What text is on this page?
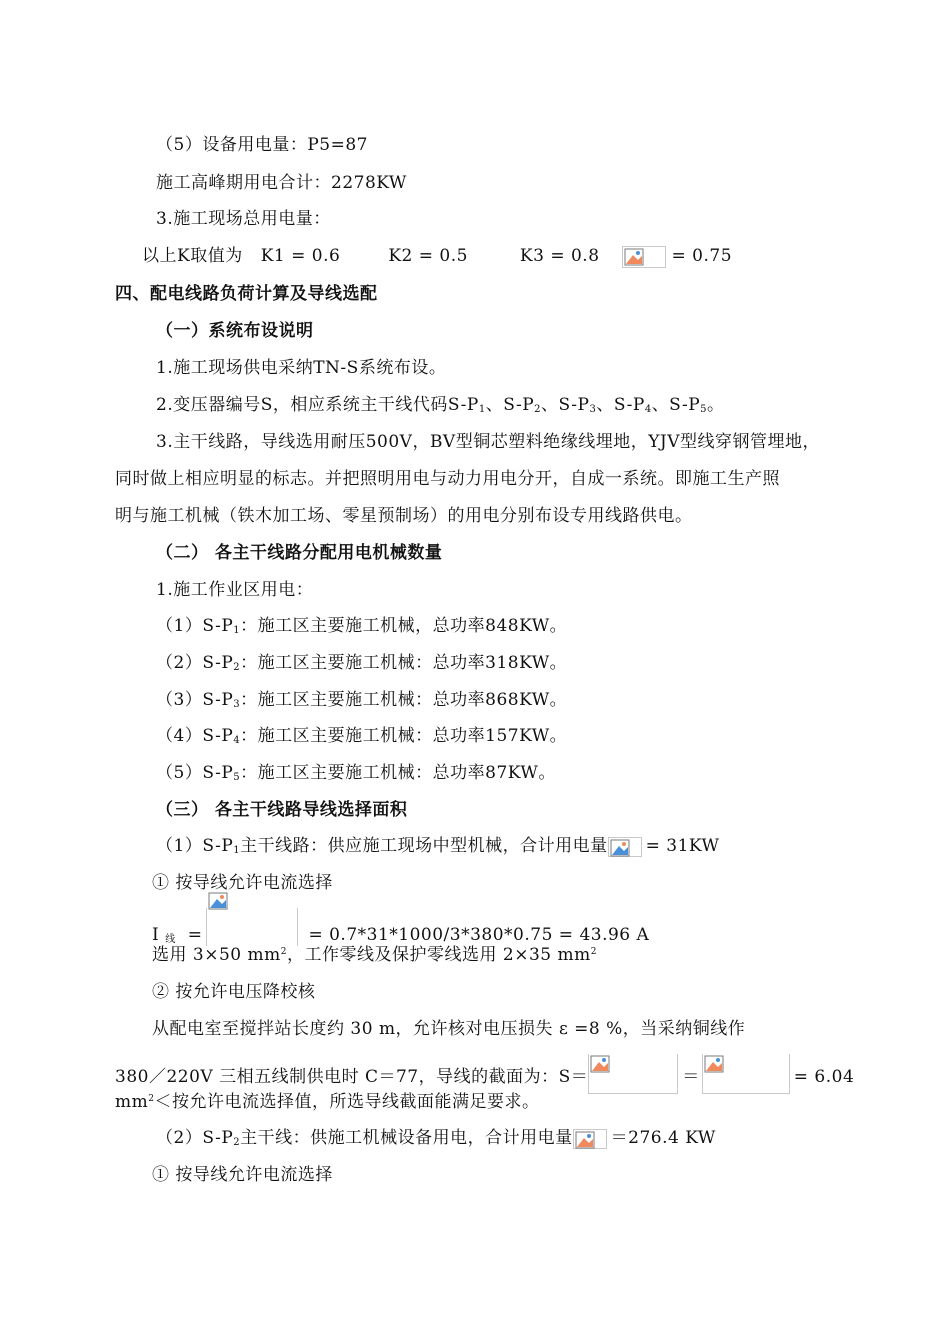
（5）设备用电量：P5=87
施工高峰期用电合计：2278KW
3.施工现场总用电量：
以上K取值为 K1 = 0.6	K2 = 0.5	K3 = 0.8	= 0.75
四、配电线路负荷计算及导线选配
（一）系统布设说明
1.施工现场供电采纳TN-S系统布设。
2.变压器编号S，相应系统主干线代码$S-P_1$、$S-P_2$、$S-P_3$、$S-P_4$、$S-P_5$。
3.主干线路，导线选用耐压500V，BV型铜芯塑料绝缘线埋地，YJV型线穿钢管埋地，
同时做上相应明显的标志。并把照明用电与动力用电分开，自成一系统。即施工生产照
明与施工机械（铁木加工场、零星预制场）的用电分别布设专用线路供电。
（二） 各主干线路分配用电机械数量
1.施工作业区用电：
$(1)S-P_1$：施工区主要施工机械，总功率848KW。
$(2)S-P_2$：施工区主要施工机械：总功率318KW。
$(3)S-P_3$：施工区主要施工机械：总功率868KW。
$(4)S-P_4$：施工区主要施工机械：总功率157KW。
$(5)S-P_5$：施工区主要施工机械：总功率87KW。
（三） 各主干线路导线选择面积
$(1)S-P_1$主干线路：供应施工现场中型机械，合计用电量 = 31KW
① 按导线允许电流选择
I $_线$ =	= 0.7*31*1000/3*380*0.75 = 43.96 A
选用 3×50 $mm^2$，工作零线及保护零线选用 2×35 $mm^2$
② 按允许电压降校核
从配电室至搅拌站长度约 30 m，允许核对电压损失 ε =8 %，当采纳铜线作
380／220V 三相五线制供电时 C＝77，导线的截面为：S＝	＝	= 6.04
$mm^2<$按允许电流选择值，所选导线截面能满足要求。
$(2)S-P_2$主干线：供施工机械设备用电，合计用电量 ＝276.4 KW
① 按导线允许电流选择
